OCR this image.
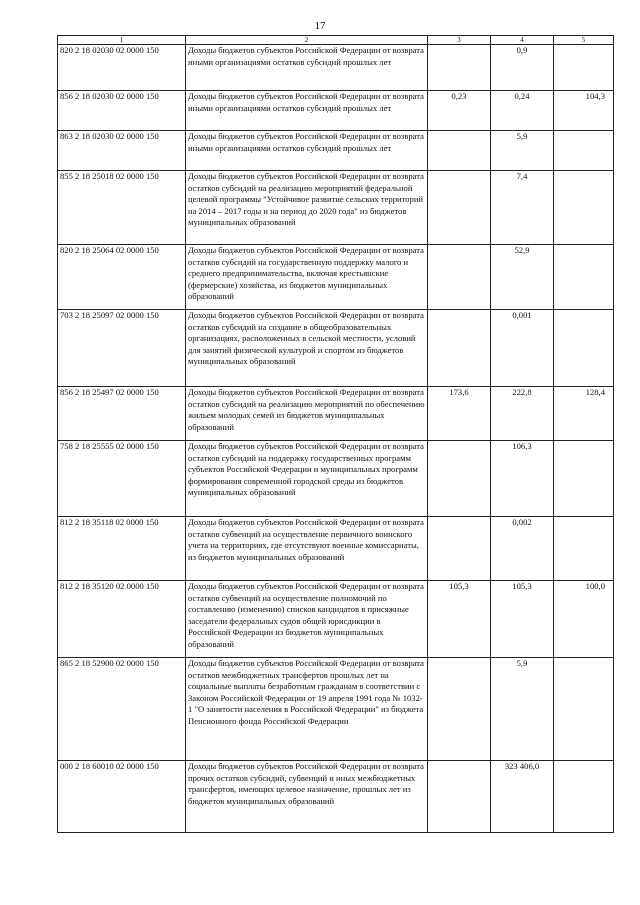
17
1	2	3	4	5
820 2 18 02030 02 0000 150	Доходы бюджетов субъектов Российской Федерации от возврата иными организациями остатков субсидий прошлых лет		0,9	
856 2 18 02030 02 0000 150	Доходы бюджетов субъектов Российской Федерации от возврата иными организациями остатков субсидий прошлых лет	0,23	0,24	104,3
863 2 18 02030 02 0000 150	Доходы бюджетов субъектов Российской Федерации от возврата иными организациями остатков субсидий прошлых лет		5,9	
855 2 18 25018 02 0000 150	Доходы бюджетов субъектов Российской Федерации от возврата остатков субсидий на реализацию мероприятий федеральной целевой программы "Устойчивое развитие сельских территорий на 2014 – 2017 годы и на период до 2020 года" из бюджетов муниципальных образований		7,4	
820 2 18 25064 02 0000 150	Доходы бюджетов субъектов Российской Федерации от возврата остатков субсидий на государственную поддержку малого и среднего предпринимательства, включая крестьянские (фермерские) хозяйства, из бюджетов муниципальных образований		52,9	
703 2 18 25097 02 0000 150	Доходы бюджетов субъектов Российской Федерации от возврата остатков субсидий на создание в общеобразовательных организациях, расположенных в сельской местности, условий для занятий физической культурой и спортом из бюджетов муниципальных образований		0,001	
856 2 18 25497 02 0000 150	Доходы бюджетов субъектов Российской Федерации от возврата остатков субсидий на реализацию мероприятий по обеспечению жильем молодых семей из бюджетов муниципальных образований	173,6	222,8	128,4
758 2 18 25555 02 0000 150	Доходы бюджетов субъектов Российской Федерации от возврата остатков субсидий на поддержку государственных программ субъектов Российской Федерации и муниципальных программ формирования современной городской среды из бюджетов муниципальных образований		106,3	
812 2 18 35118 02 0000 150	Доходы бюджетов субъектов Российской Федерации от возврата остатков субвенций на осуществление первичного воинского учета на территориях, где отсутствуют военные комиссариаты, из бюджетов муниципальных образований		0,002	
812 2 18 35120 02 0000 150	Доходы бюджетов субъектов Российской Федерации от возврата остатков субвенций на осуществление полномочий по составлению (изменению) списков кандидатов в присяжные заседатели федеральных судов общей юрисдикции в Российской Федерации из бюджетов муниципальных образований	105,3	105,3	100,0
865 2 18 52900 02 0000 150	Доходы бюджетов субъектов Российской Федерации от возврата остатков межбюджетных трансфертов прошлых лет на социальные выплаты безработным гражданам в соответствии с Законом Российской Федерации от 19 апреля 1991 года № 1032-1 "О занятости населения в Российской Федерации" из бюджета Пенсионного фонда Российской Федерации		5,9	
000 2 18 60010 02 0000 150	Доходы бюджетов субъектов Российской Федерации от возврата прочих остатков субсидий, субвенций и иных межбюджетных трансфертов, имеющих целевое назначение, прошлых лет из бюджетов муниципальных образований		323 406,0	
